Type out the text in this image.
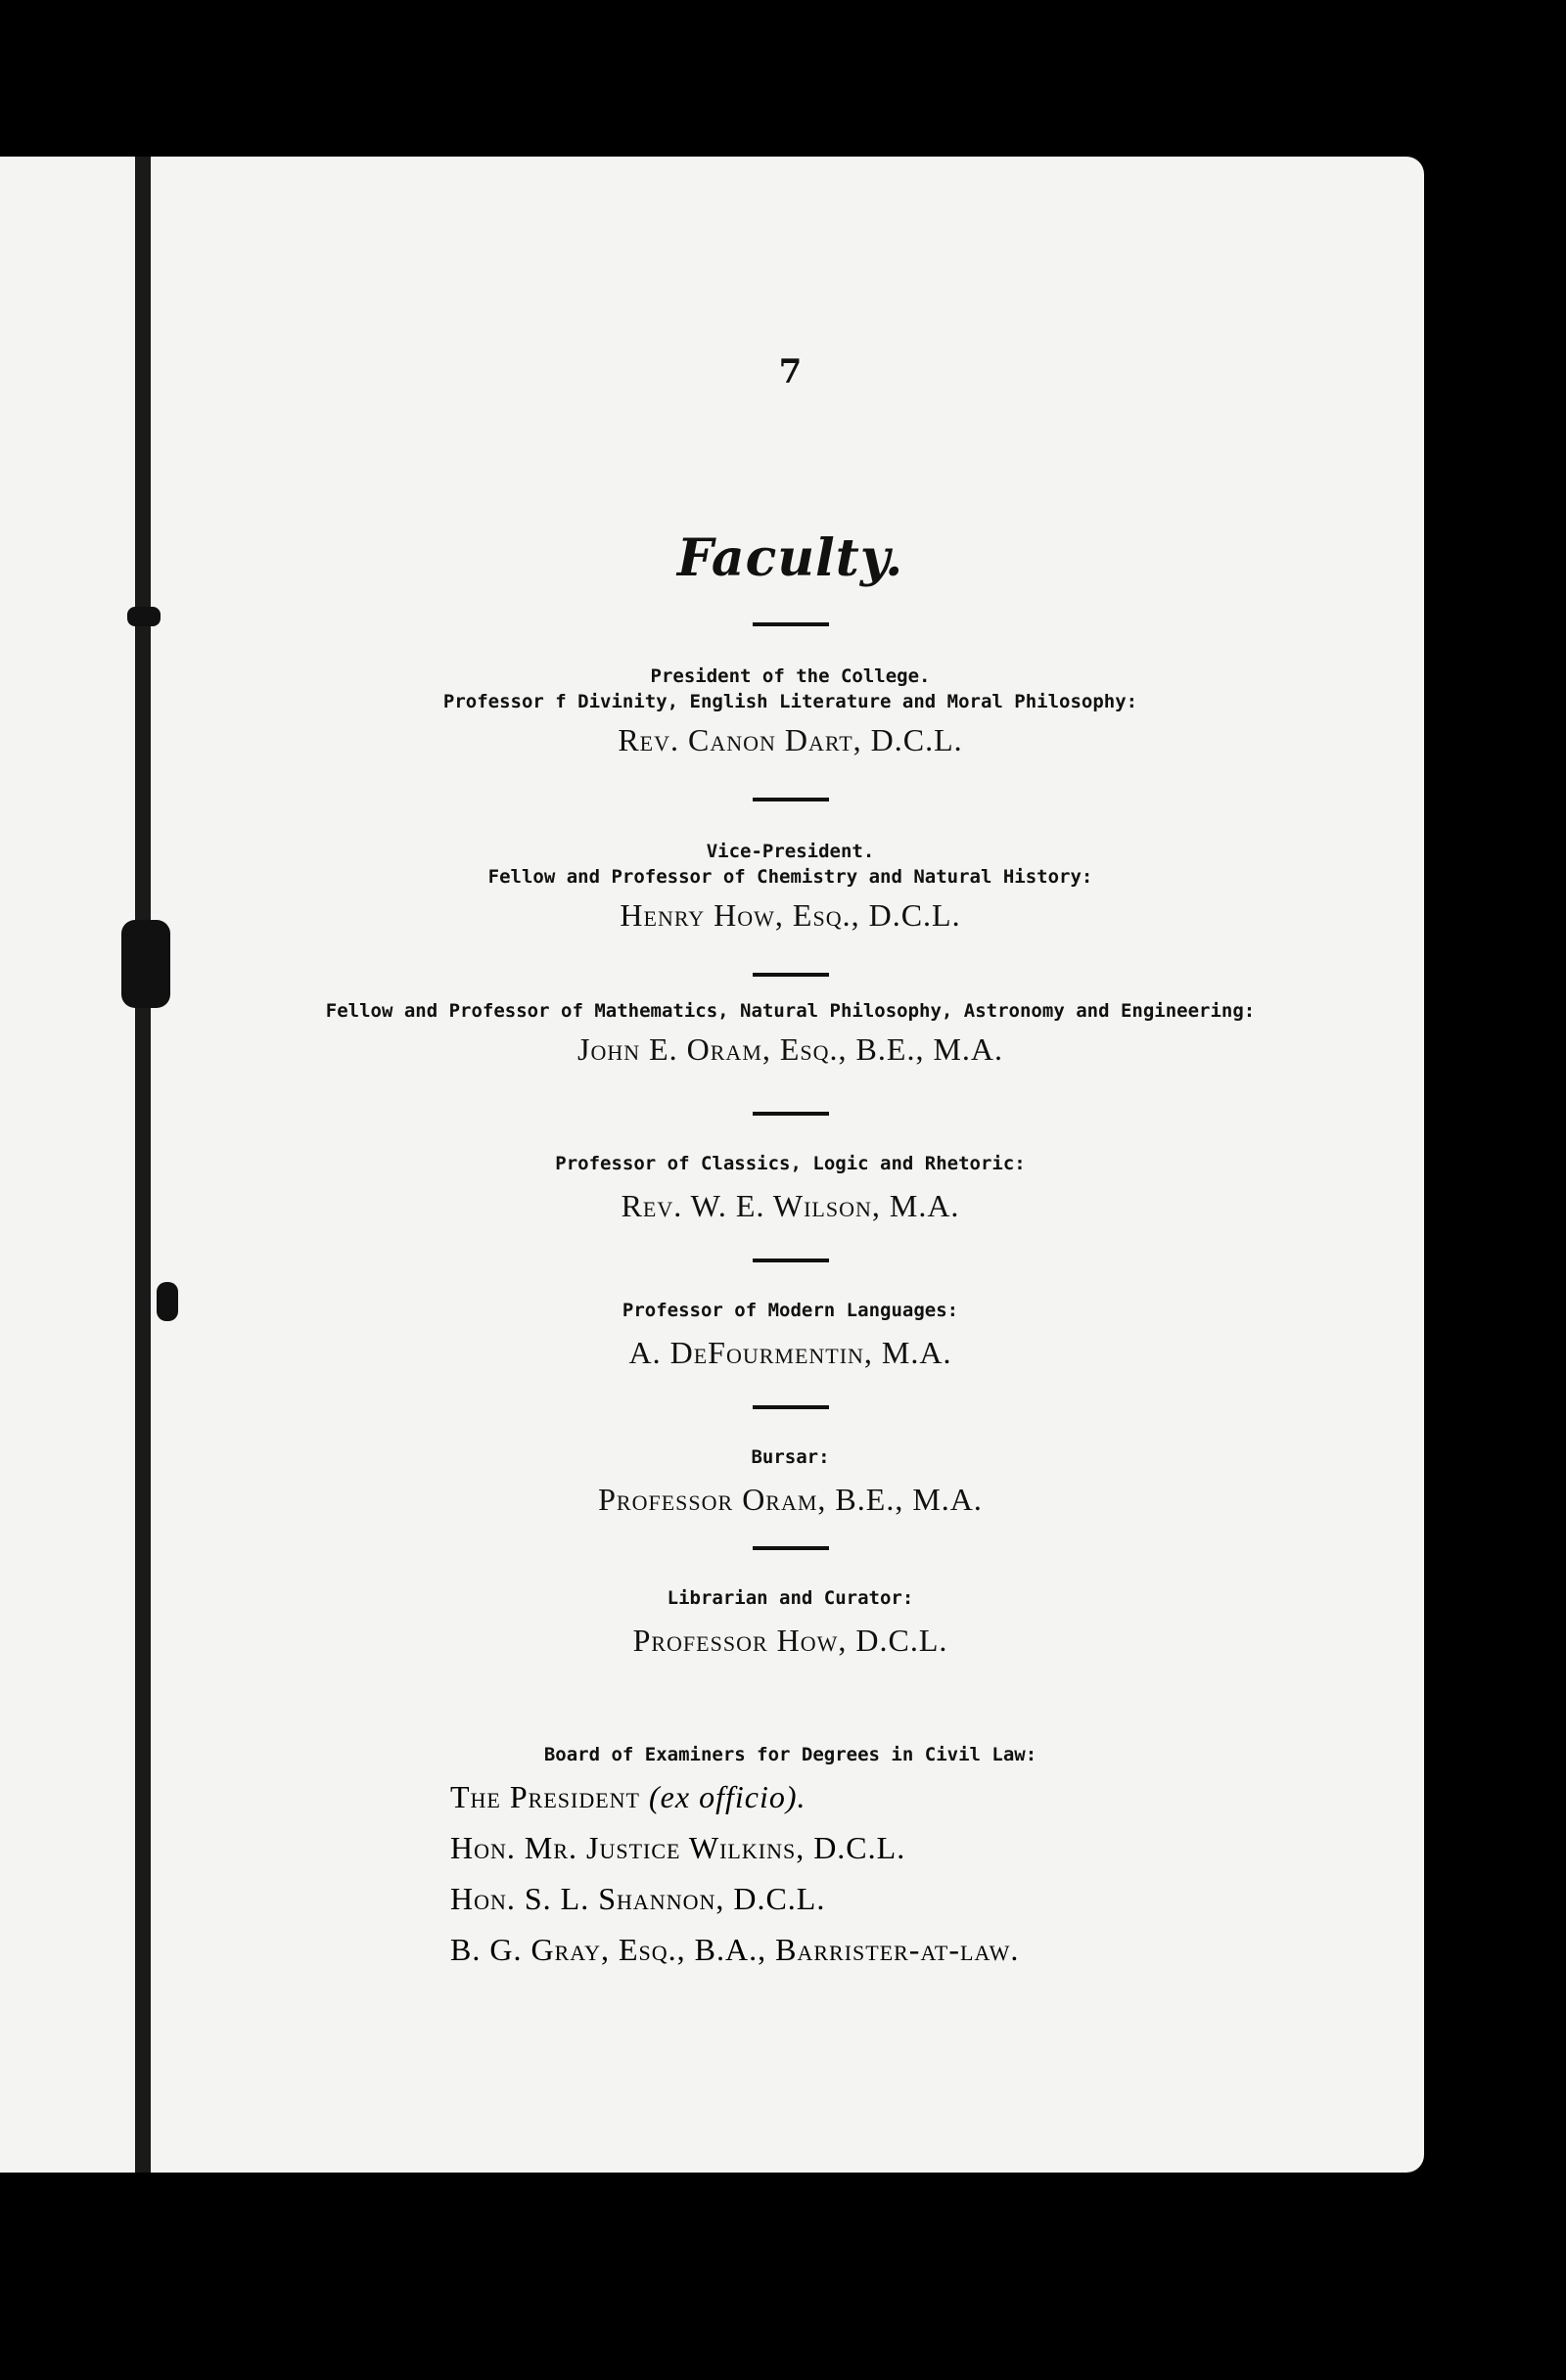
7
Faculty.
President of the College.
Professor f Divinity, English Literature and Moral Philosophy:
Rev. Canon Dart, D.C.L.
Vice-President.
Fellow and Professor of Chemistry and Natural History:
Henry How, Esq., D.C.L.
Fellow and Professor of Mathematics, Natural Philosophy, Astronomy and Engineering:
John E. Oram, Esq., B.E., M.A.
Professor of Classics, Logic and Rhetoric:
Rev. W. E. Wilson, M.A.
Professor of Modern Languages:
A. DeFourmentin, M.A.
Bursar:
Professor Oram, B.E., M.A.
Librarian and Curator:
Professor How, D.C.L.
Board of Examiners for Degrees in Civil Law:
The President (ex officio).
Hon. Mr. Justice Wilkins, D.C.L.
Hon. S. L. Shannon, D.C.L.
B. G. Gray, Esq., B.A., Barrister-at-law.
